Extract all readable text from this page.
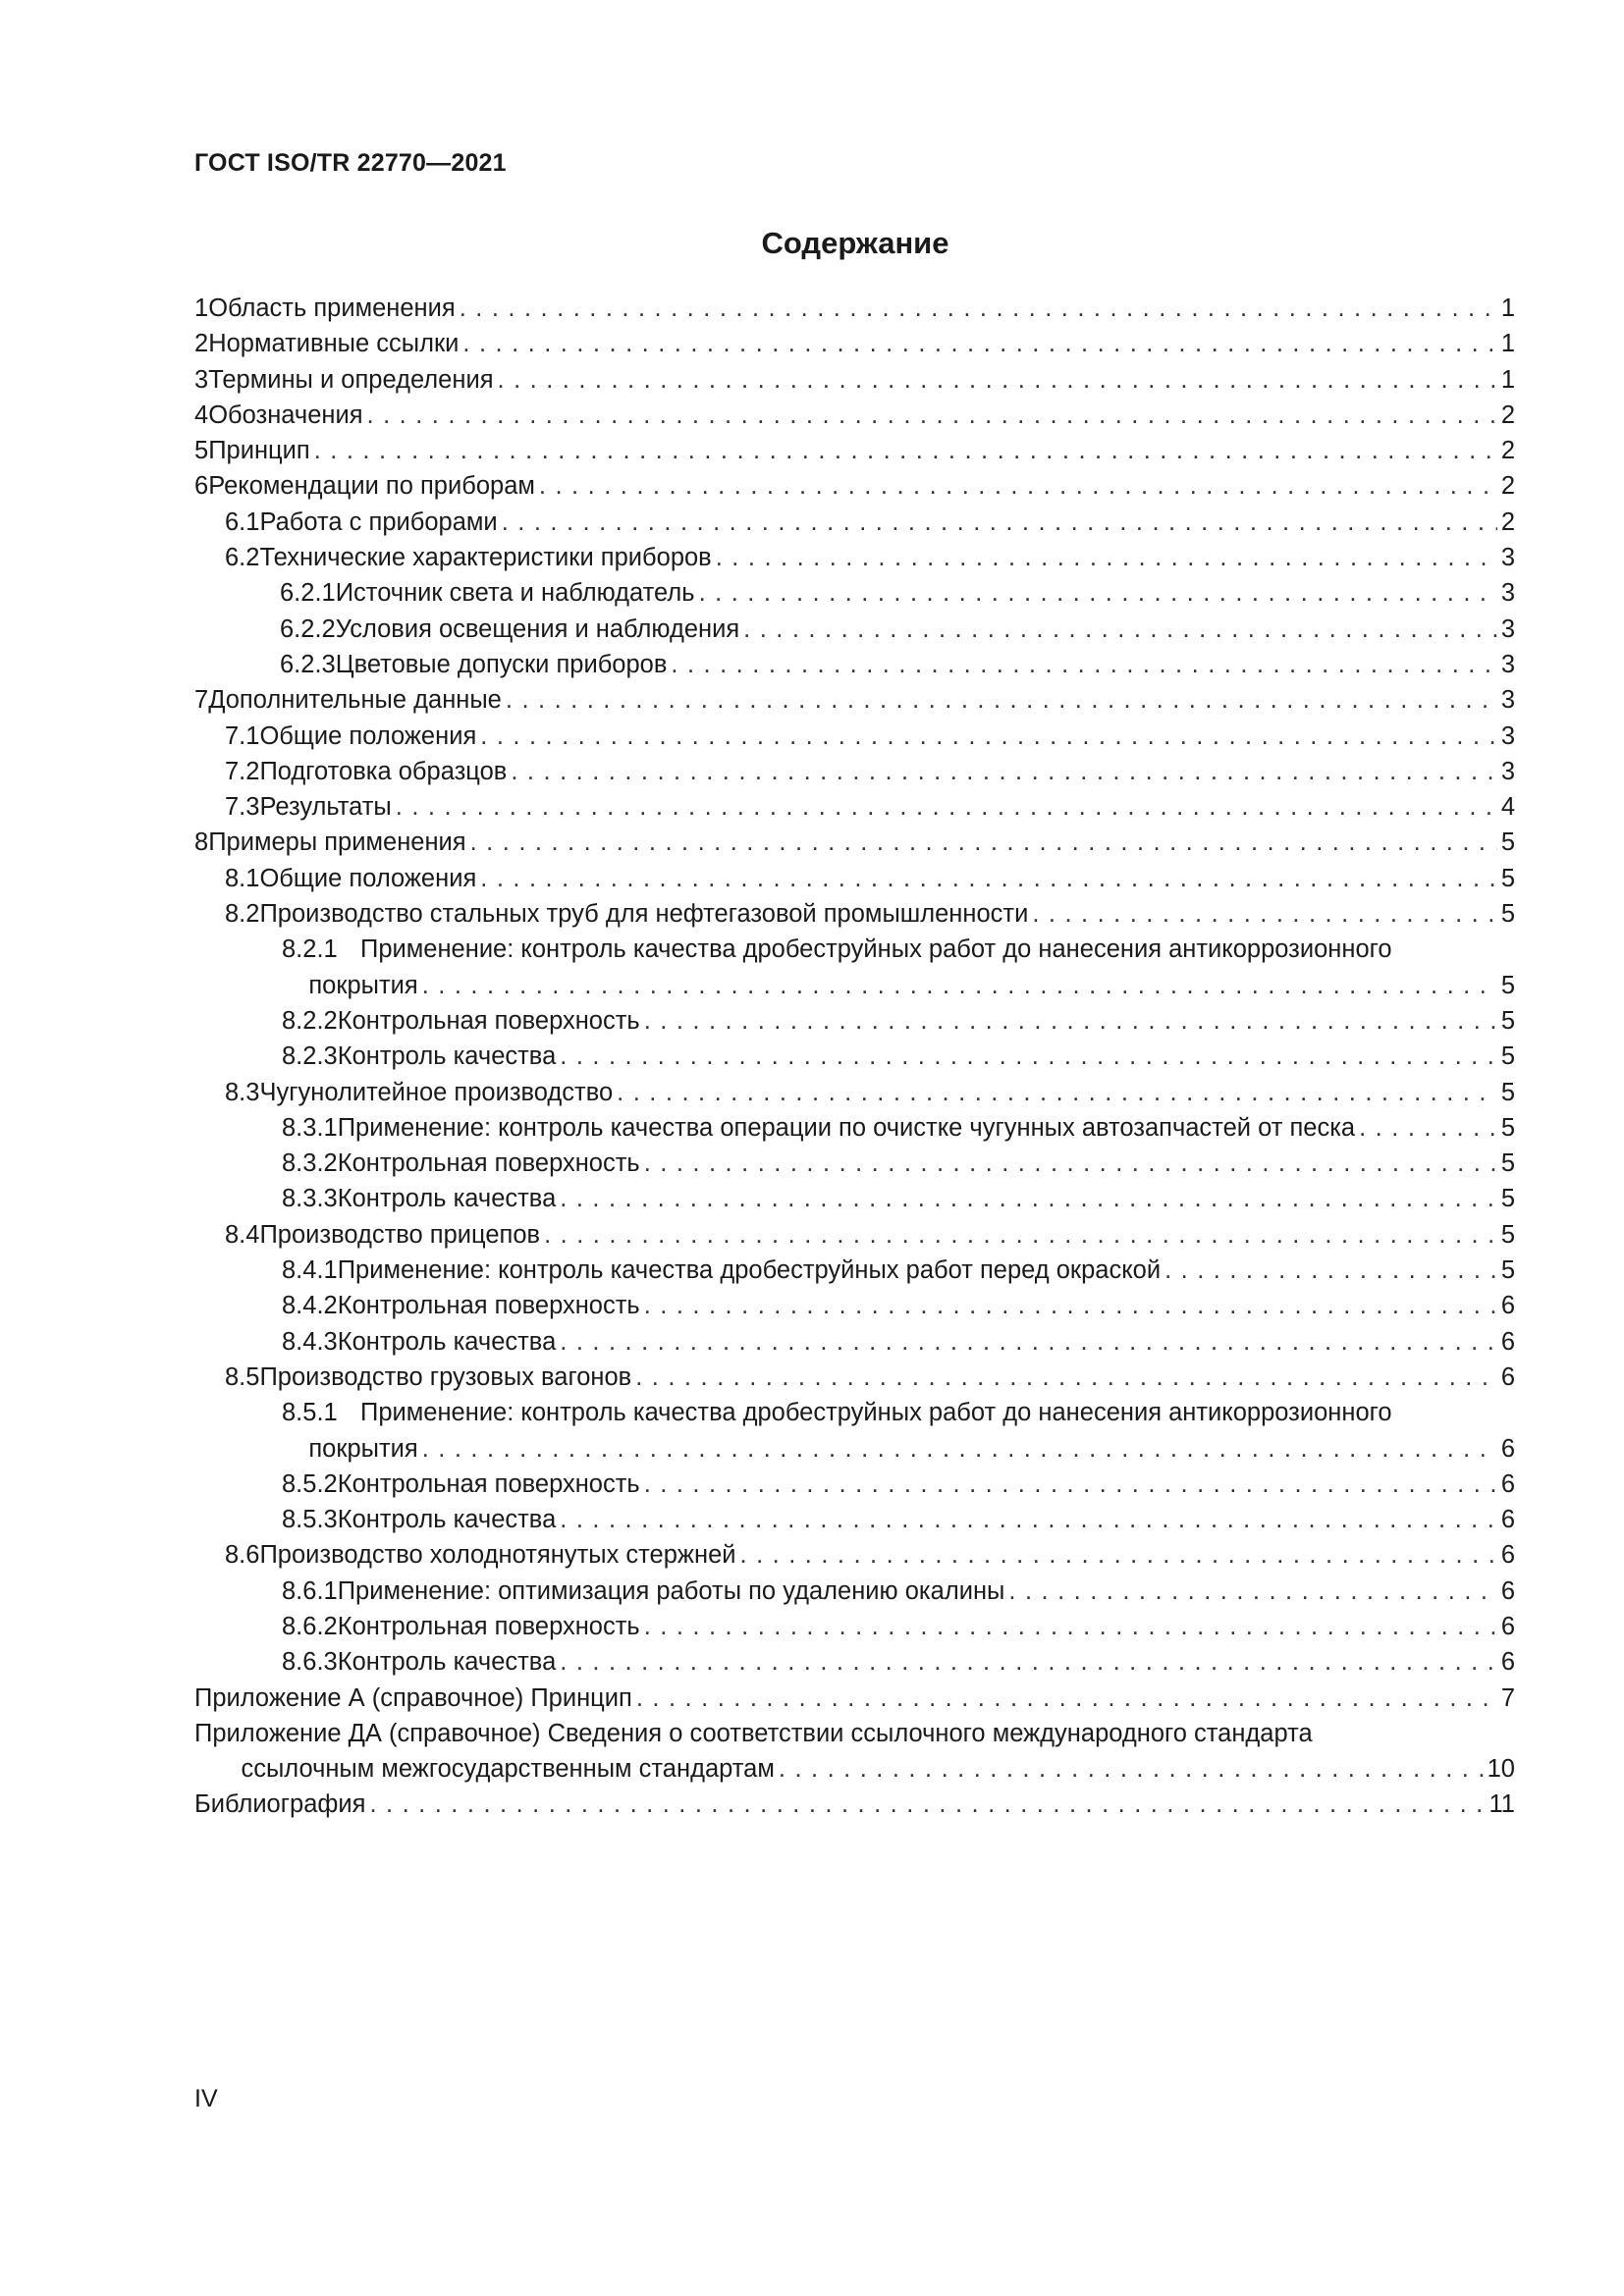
ГОСТ ISO/TR 22770—2021
Содержание
1 Область применения . . .	1
2 Нормативные ссылки . . .	1
3 Термины и определения . . .	1
4 Обозначения . . .	2
5 Принцип . . .	2
6 Рекомендации по приборам . . .	2
6.1 Работа с приборами . . .	2
6.2 Технические характеристики приборов . . .	3
6.2.1 Источник света и наблюдатель . . .	3
6.2.2 Условия освещения и наблюдения . . .	3
6.2.3 Цветовые допуски приборов . . .	3
7 Дополнительные данные . . .	3
7.1 Общие положения . . .	3
7.2 Подготовка образцов . . .	3
7.3 Результаты . . .	4
8 Примеры применения . . .	5
8.1 Общие положения . . .	5
8.2 Производство стальных труб для нефтегазовой промышленности . . .	5
8.2.1 Применение: контроль качества дробеструйных работ до нанесения антикоррозионного
покрытия . . .	5
8.2.2 Контрольная поверхность . . .	5
8.2.3 Контроль качества . . .	5
8.3 Чугунолитейное производство . . .	5
8.3.1 Применение: контроль качества операции по очистке чугунных автозапчастей от песка . . .	5
8.3.2 Контрольная поверхность . . .	5
8.3.3 Контроль качества . . .	5
8.4 Производство прицепов . . .	5
8.4.1 Применение: контроль качества дробеструйных работ перед окраской . . .	5
8.4.2 Контрольная поверхность . . .	6
8.4.3 Контроль качества . . .	6
8.5 Производство грузовых вагонов . . .	6
8.5.1 Применение: контроль качества дробеструйных работ до нанесения антикоррозионного
покрытия . . .	6
8.5.2 Контрольная поверхность . . .	6
8.5.3 Контроль качества . . .	6
8.6 Производство холоднотянутых стержней . . .	6
8.6.1 Применение: оптимизация работы по удалению окалины . . .	6
8.6.2 Контрольная поверхность . . .	6
8.6.3 Контроль качества . . .	6
Приложение А (справочное) Принцип . . .	7
Приложение ДА (справочное) Сведения о соответствии ссылочного международного стандарта
ссылочным межгосударственным стандартам . . .	10
Библиография . . .	11
IV
